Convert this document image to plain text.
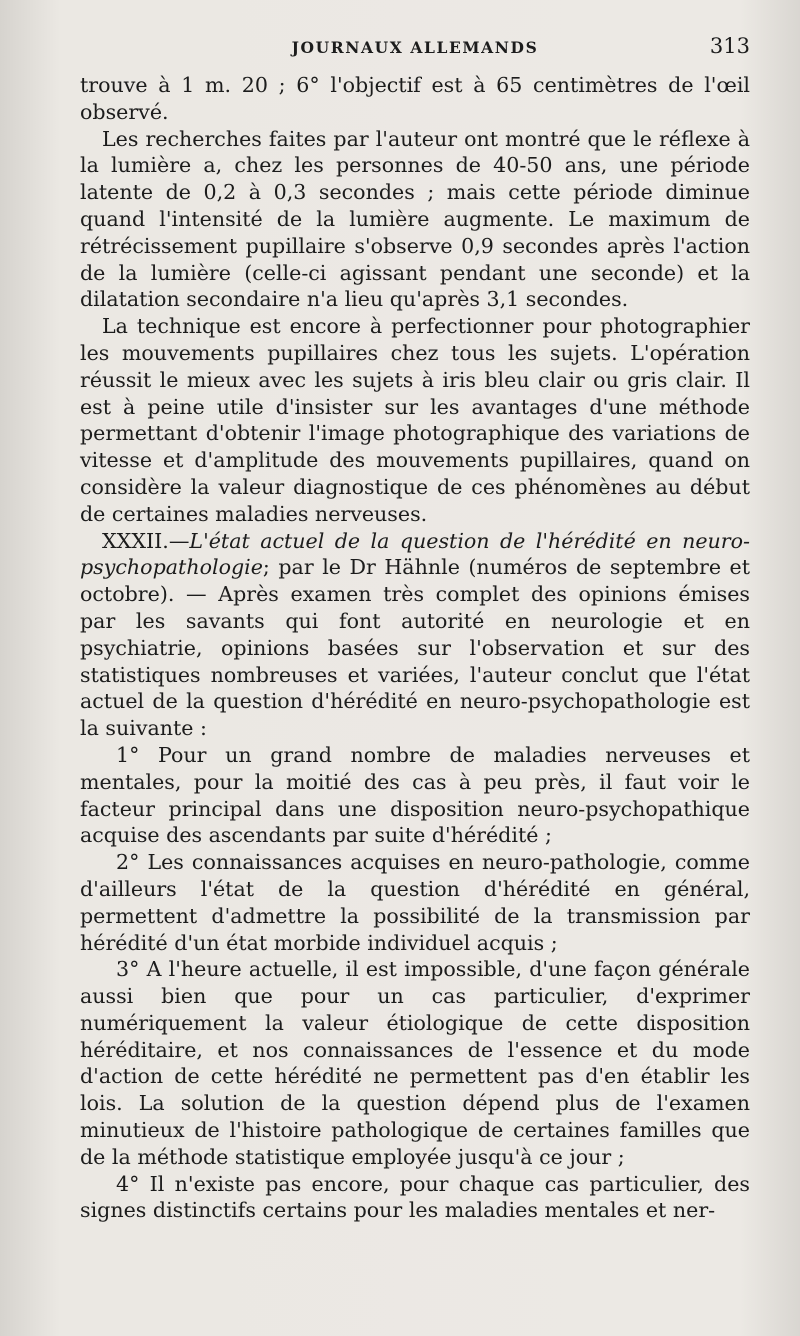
JOURNAUX ALLEMANDS	313

trouve à 1 m. 20 ; 6° l'objectif est à 65 centimètres de l'œil observé.

Les recherches faites par l'auteur ont montré que le réflexe à la lumière a, chez les personnes de 40-50 ans, une période latente de 0,2 à 0,3 secondes ; mais cette période diminue quand l'intensité de la lumière augmente. Le maximum de rétrécissement pupillaire s'observe 0,9 secondes après l'action de la lumière (celle-ci agissant pendant une seconde) et la dilatation secondaire n'a lieu qu'après 3,1 secondes.

La technique est encore à perfectionner pour photographier les mouvements pupillaires chez tous les sujets. L'opération réussit le mieux avec les sujets à iris bleu clair ou gris clair. Il est à peine utile d'insister sur les avantages d'une méthode permettant d'obtenir l'image photographique des variations de vitesse et d'amplitude des mouvements pupillaires, quand on considère la valeur diagnostique de ces phénomènes au début de certaines maladies nerveuses.

XXXII.—L'état actuel de la question de l'hérédité en neuro-psychopathologie; par le Dr Hähnle (numéros de septembre et octobre). — Après examen très complet des opinions émises par les savants qui font autorité en neurologie et en psychiatrie, opinions basées sur l'observation et sur des statistiques nombreuses et variées, l'auteur conclut que l'état actuel de la question d'hérédité en neuro-psychopathologie est la suivante :

1° Pour un grand nombre de maladies nerveuses et mentales, pour la moitié des cas à peu près, il faut voir le facteur principal dans une disposition neuro-psychopathique acquise des ascendants par suite d'hérédité ;

2° Les connaissances acquises en neuro-pathologie, comme d'ailleurs l'état de la question d'hérédité en général, permettent d'admettre la possibilité de la transmission par hérédité d'un état morbide individuel acquis ;

3° A l'heure actuelle, il est impossible, d'une façon générale aussi bien que pour un cas particulier, d'exprimer numériquement la valeur étiologique de cette disposition héréditaire, et nos connaissances de l'essence et du mode d'action de cette hérédité ne permettent pas d'en établir les lois. La solution de la question dépend plus de l'examen minutieux de l'histoire pathologique de certaines familles que de la méthode statistique employée jusqu'à ce jour ;

4° Il n'existe pas encore, pour chaque cas particulier, des signes distinctifs certains pour les maladies mentales et ner-
